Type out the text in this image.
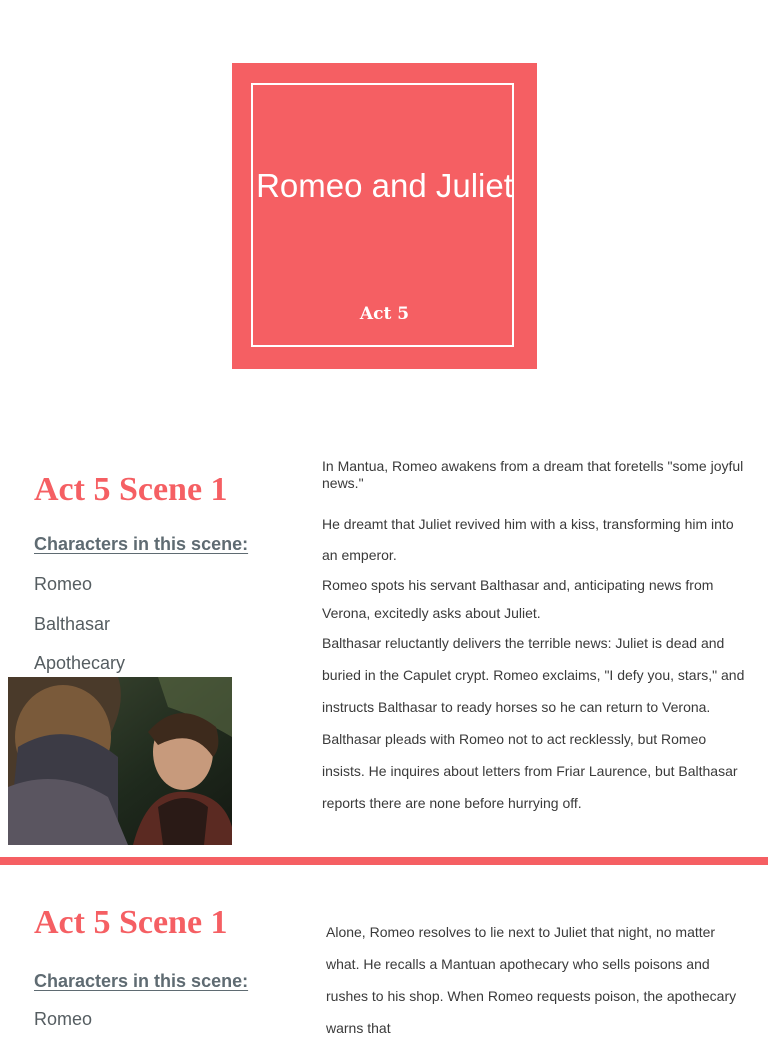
Romeo and Juliet
Act 5
Act 5 Scene 1
Characters in this scene:
Romeo
Balthasar
Apothecary

In Mantua, Romeo awakens from a dream that foretells "some joyful news."

He dreamt that Juliet revived him with a kiss, transforming him into an emperor.

Romeo spots his servant Balthasar and, anticipating news from Verona, excitedly asks about Juliet.

Balthasar reluctantly delivers the terrible news: Juliet is dead and buried in the Capulet crypt. Romeo exclaims, "I defy you, stars," and instructs Balthasar to ready horses so he can return to Verona. Balthasar pleads with Romeo not to act recklessly, but Romeo insists. He inquires about letters from Friar Laurence, but Balthasar reports there are none before hurrying off.

Act 5 Scene 1
Characters in this scene:
Romeo

Alone, Romeo resolves to lie next to Juliet that night, no matter what. He recalls a Mantuan apothecary who sells poisons and rushes to his shop. When Romeo requests poison, the apothecary warns that
